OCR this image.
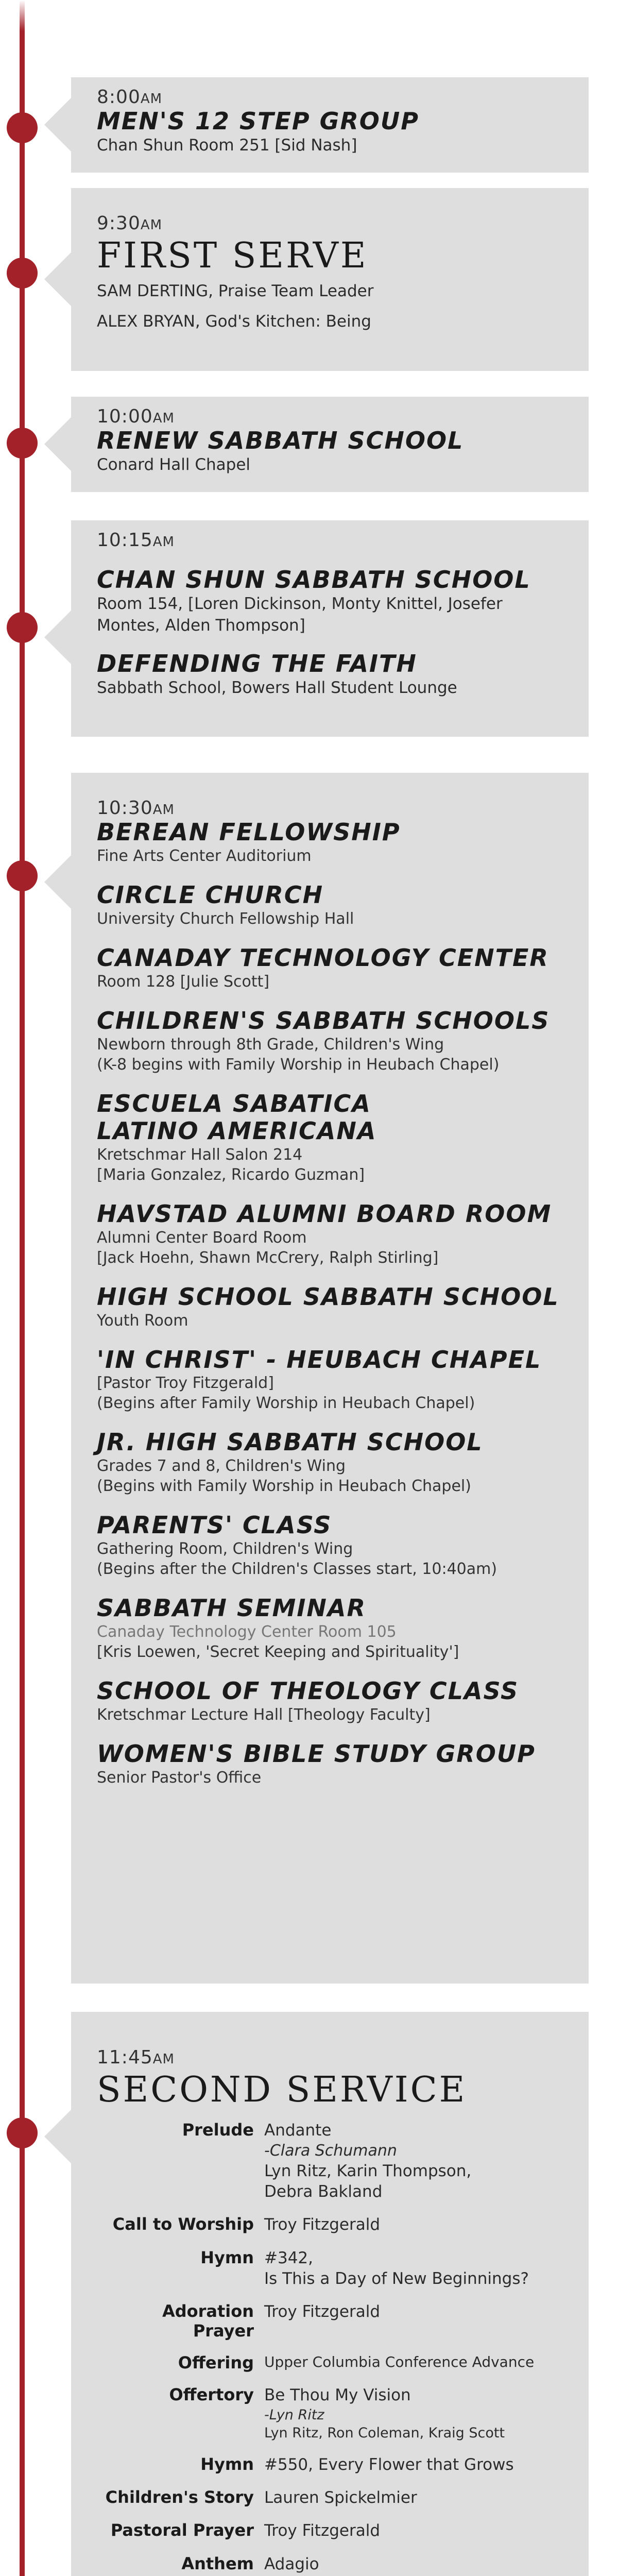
8:00AM
MEN'S 12 STEP GROUP
Chan Shun Room 251 [Sid Nash]
9:30AM
FIRST SERVE
SAM DERTING, Praise Team Leader
ALEX BRYAN, God's Kitchen: Being
10:00AM
RENEW SABBATH SCHOOL
Conard Hall Chapel
10:15AM
CHAN SHUN SABBATH SCHOOL
Room 154, [Loren Dickinson, Monty Knittel, Josefer Montes, Alden Thompson]
DEFENDING THE FAITH
Sabbath School, Bowers Hall Student Lounge
10:30AM
BEREAN FELLOWSHIP
Fine Arts Center Auditorium
CIRCLE CHURCH
University Church Fellowship Hall
CANADAY TECHNOLOGY CENTER
Room 128 [Julie Scott]
CHILDREN'S SABBATH SCHOOLS
Newborn through 8th Grade, Children's Wing
(K-8 begins with Family Worship in Heubach Chapel)
ESCUELA SABATICA
LATINO AMERICANA
Kretschmar Hall Salon 214
[Maria Gonzalez, Ricardo Guzman]
HAVSTAD ALUMNI BOARD ROOM
Alumni Center Board Room
[Jack Hoehn, Shawn McCrery, Ralph Stirling]
HIGH SCHOOL SABBATH SCHOOL
Youth Room
'IN CHRIST' - HEUBACH CHAPEL
[Pastor Troy Fitzgerald]
(Begins after Family Worship in Heubach Chapel)
JR. HIGH SABBATH SCHOOL
Grades 7 and 8, Children's Wing
(Begins with Family Worship in Heubach Chapel)
PARENTS' CLASS
Gathering Room, Children's Wing
(Begins after the Children's Classes start, 10:40am)
SABBATH SEMINAR
Canaday Technology Center Room 105
[Kris Loewen, 'Secret Keeping and Spirituality']
SCHOOL OF THEOLOGY CLASS
Kretschmar Lecture Hall [Theology Faculty]
WOMEN'S BIBLE STUDY GROUP
Senior Pastor's Office
11:45AM
SECOND SERVICE
Prelude Andante
-Clara Schumann
Lyn Ritz, Karin Thompson,
Debra Bakland
Call to Worship Troy Fitzgerald
Hymn #342,
Is This a Day of New Beginnings?
Adoration Prayer
Troy Fitzgerald
Offering Upper Columbia Conference Advance
Offertory Be Thou My Vision
-Lyn Ritz
Lyn Ritz, Ron Coleman, Kraig Scott
Hymn #550, Every Flower that Grows
Children's Story Lauren Spickelmier
Pastoral Prayer Troy Fitzgerald
Anthem Adagio
